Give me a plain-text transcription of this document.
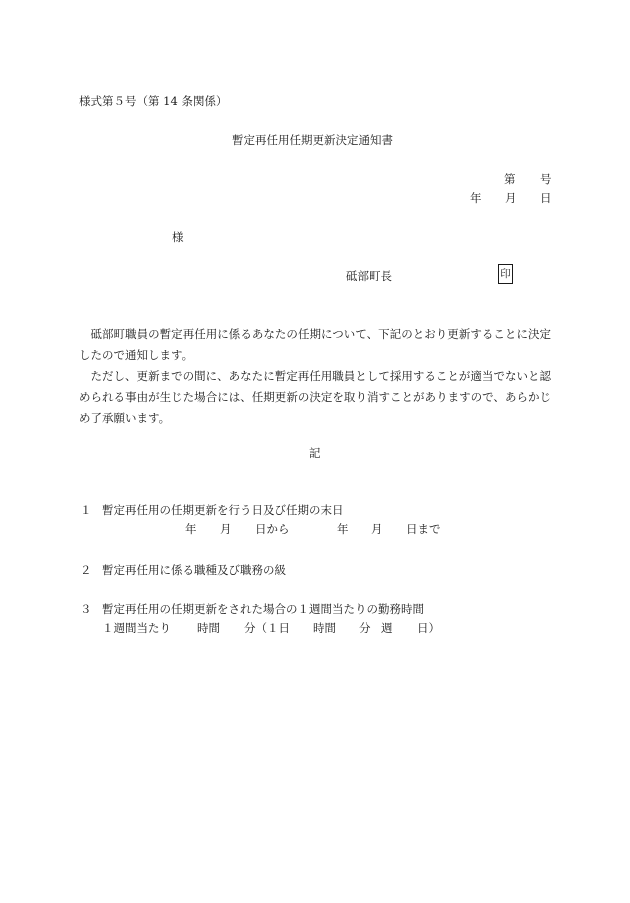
様式第５号（第 14 条関係）
暫定再任用任期更新決定通知書
第 号
年 月 日
様
砥部町長	印

砥部町職員の暫定再任用に係るあなたの任期について、下記のとおり更新することに決定したので通知します。

ただし、更新までの間に、あなたに暫定再任用職員として採用することが適当でないと認められる事由が生じた場合には、任期更新の決定を取り消すことがありますので、あらかじめ了承願います。

記
１ 暫定再任用の任期更新を行う日及び任期の末日
年 月 日から	年 月 日まで
２ 暫定再任用に係る職種及び職務の級
３ 暫定再任用の任期更新をされた場合の１週間当たりの勤務時間
１週間当たり 時間 分（１日 時間 分 週 日）
